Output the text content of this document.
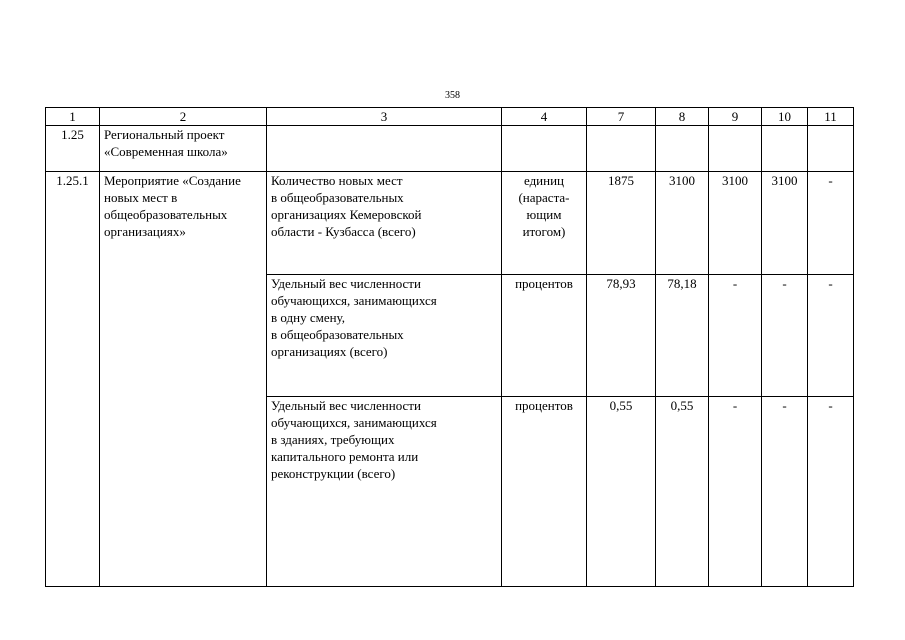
358
1	2	3	4	7	8	9	10	11
1.25	Региональный проект
«Современная школа»							
1.25.1	Мероприятие «Создание
новых мест в
общеобразовательных
организациях»	Количество новых мест
в общеобразовательных
организациях Кемеровской
области - Кузбасса (всего)	единиц
(нараста-
ющим
итогом)	1875	3100	3100	3100	-
		Удельный вес численности
обучающихся, занимающихся
в одну смену,
в общеобразовательных
организациях (всего)	процентов	78,93	78,18	-	-	-
		Удельный вес численности
обучающихся, занимающихся
в зданиях, требующих
капитального ремонта или
реконструкции (всего)	процентов	0,55	0,55	-	-	-
